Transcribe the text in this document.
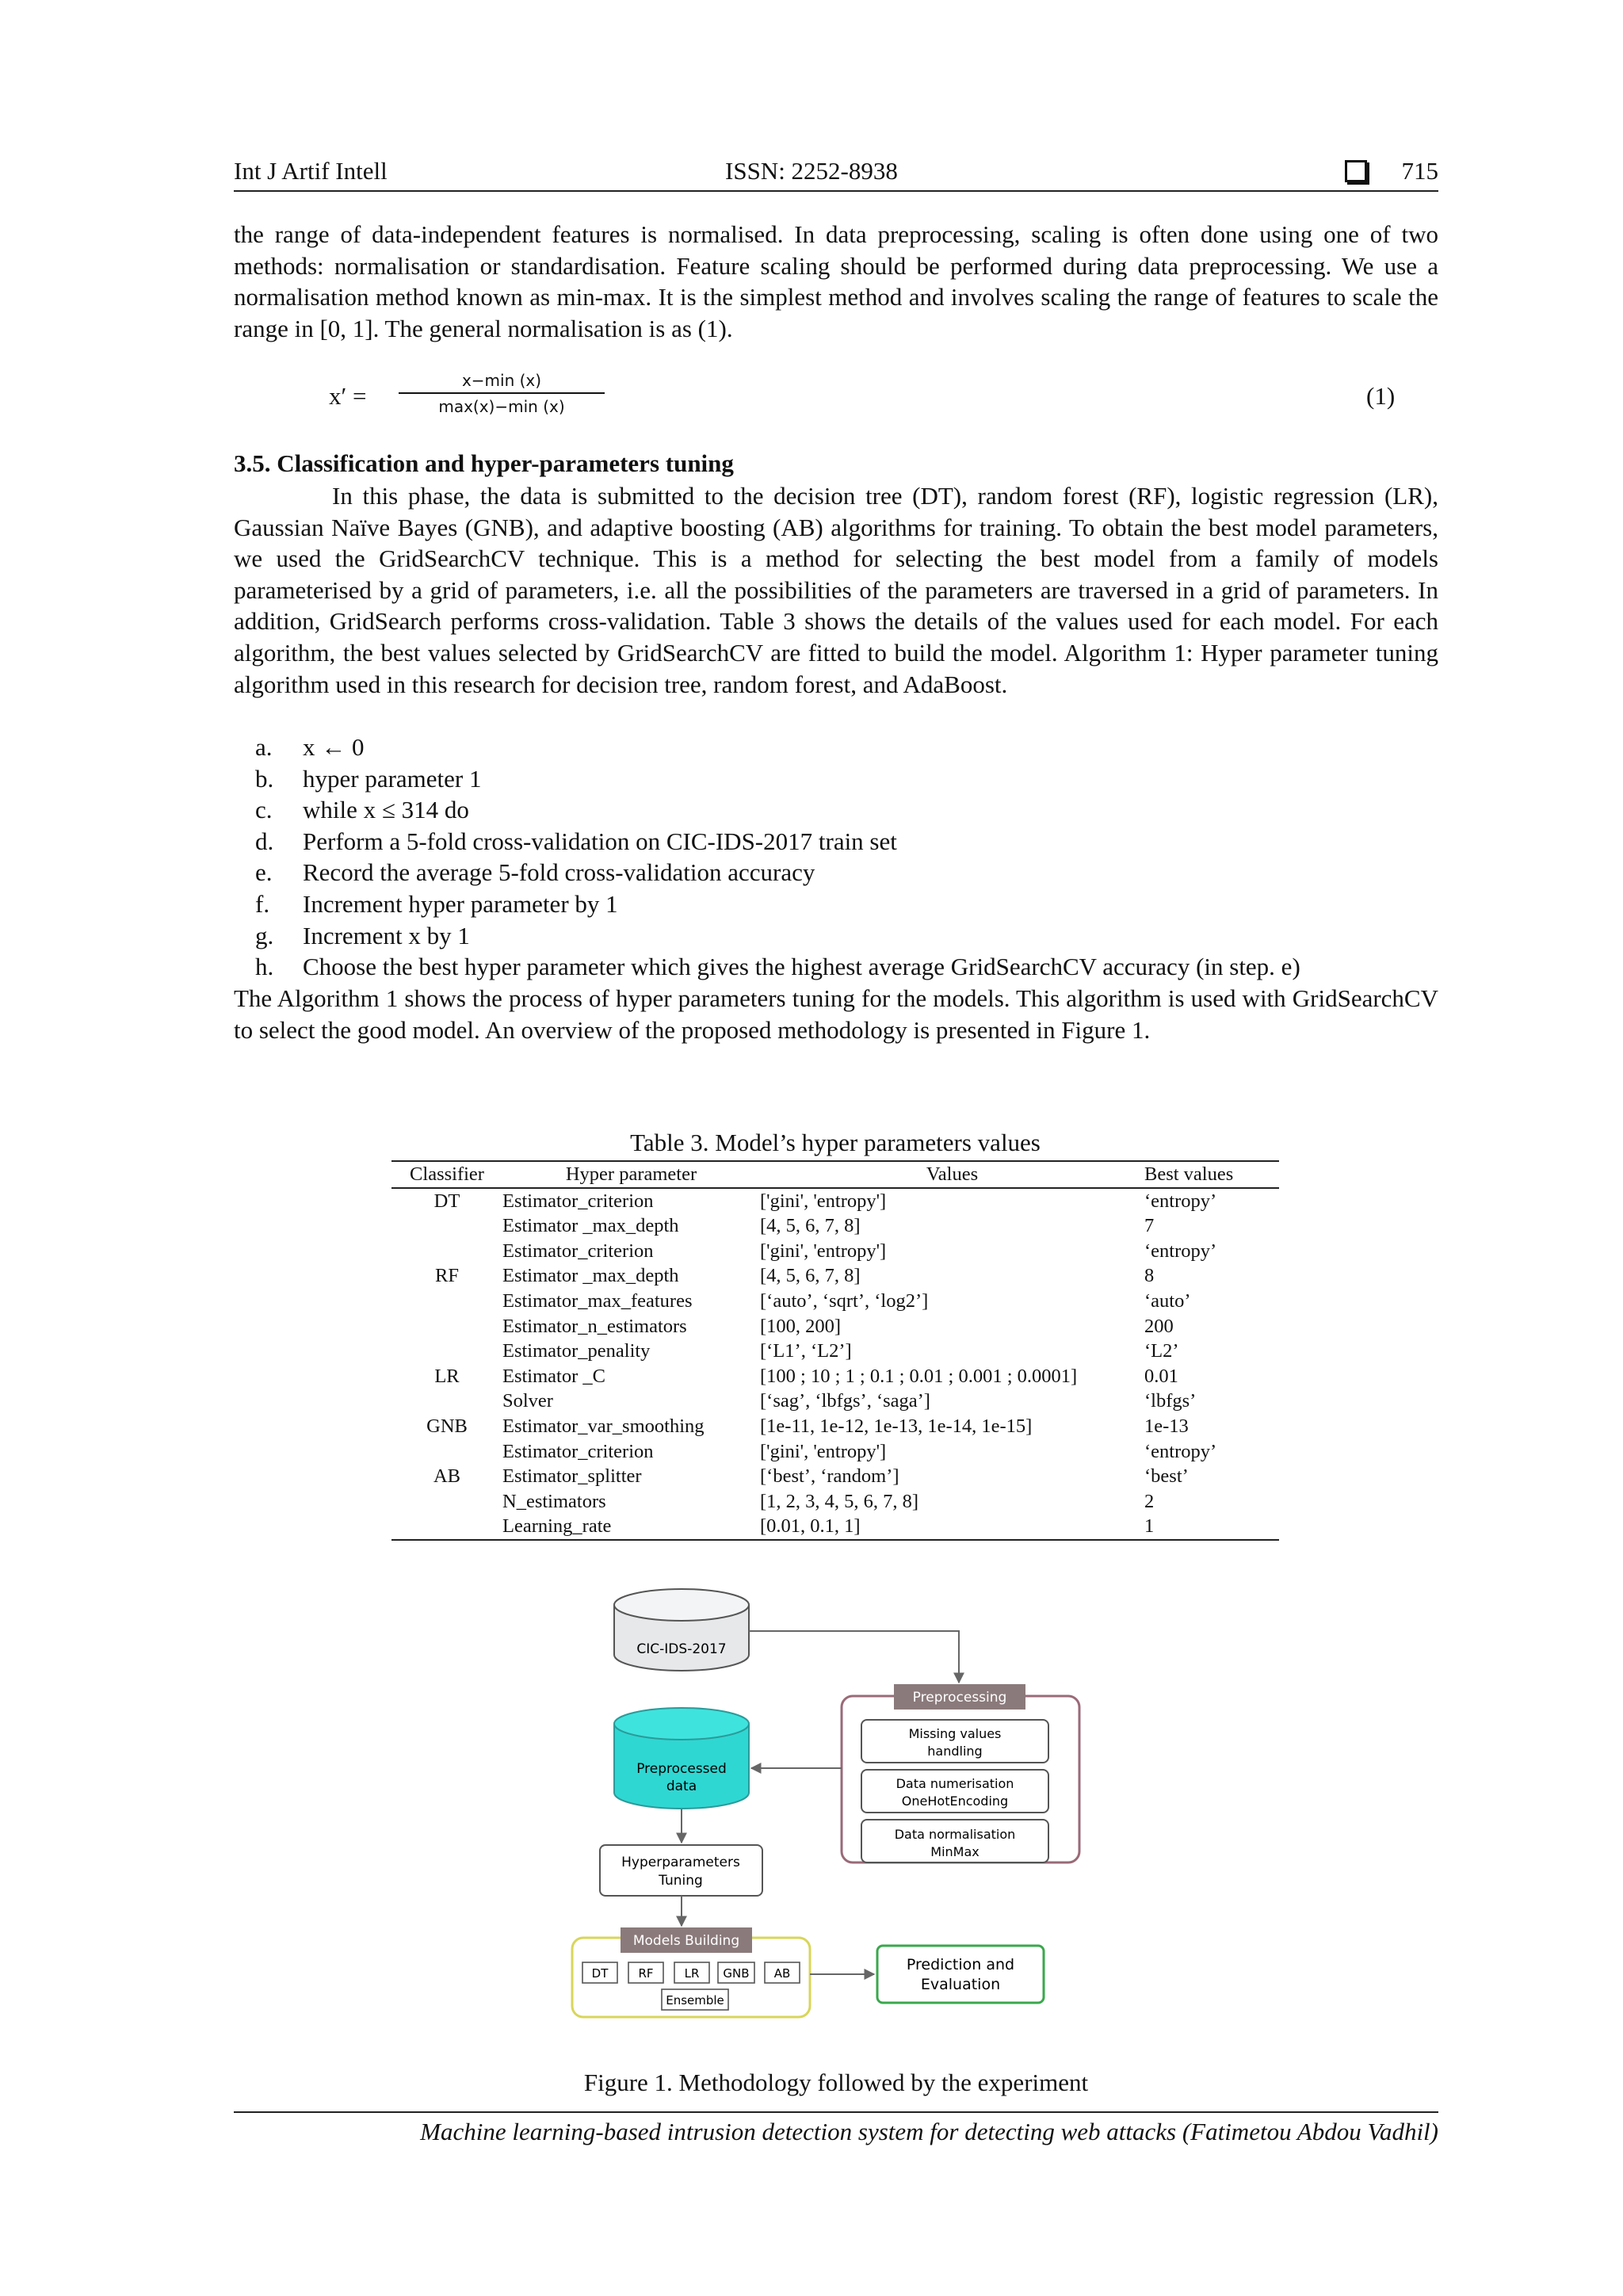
Int J Artif Intell	ISSN: 2252-8938	715

the range of data-independent features is normalised. In data preprocessing, scaling is often done using one of two methods: normalisation or standardisation. Feature scaling should be performed during data preprocessing. We use a normalisation method known as min-max. It is the simplest method and involves scaling the range of features to scale the range in [0, 1]. The general normalisation is as (1).

x′ =
x−min (x)
max(x)−min (x)	(1)
3.5. Classification and hyper-parameters tuning

In this phase, the data is submitted to the decision tree (DT), random forest (RF), logistic regression (LR), Gaussian Naïve Bayes (GNB), and adaptive boosting (AB) algorithms for training. To obtain the best model parameters, we used the GridSearchCV technique. This is a method for selecting the best model from a family of models parameterised by a grid of parameters, i.e. all the possibilities of the parameters are traversed in a grid of parameters. In addition, GridSearch performs cross-validation. Table 3 shows the details of the values used for each model. For each algorithm, the best values selected by GridSearchCV are fitted to build the model. Algorithm 1: Hyper parameter tuning algorithm used in this research for decision tree, random forest, and AdaBoost.

a. x ← 0
b. hyper parameter 1
c. while x ≤ 314 do
d. Perform a 5-fold cross-validation on CIC-IDS-2017 train set
e. Record the average 5-fold cross-validation accuracy
f. Increment hyper parameter by 1
g. Increment x by 1
h. Choose the best hyper parameter which gives the highest average GridSearchCV accuracy (in step. e)

The Algorithm 1 shows the process of hyper parameters tuning for the models. This algorithm is used with GridSearchCV to select the good model. An overview of the proposed methodology is presented in Figure 1.

Table 3. Model’s hyper parameters values
Classifier	Hyper parameter	Values	Best values
DT	Estimator_criterion	['gini', 'entropy']	‘entropy’
	Estimator _max_depth	[4, 5, 6, 7, 8]	7
	Estimator_criterion	['gini', 'entropy']	‘entropy’
RF	Estimator _max_depth	[4, 5, 6, 7, 8]	8
	Estimator_max_features	[‘auto’, ‘sqrt’, ‘log2’]	‘auto’
	Estimator_n_estimators	[100, 200]	200
	Estimator_penality	[‘L1’, ‘L2’]	‘L2’
LR	Estimator _C	[100 ; 10 ; 1 ; 0.1 ; 0.01 ; 0.001 ; 0.0001]	0.01
	Solver	[‘sag’, ‘lbfgs’, ‘saga’]	‘lbfgs’
GNB	Estimator_var_smoothing	[1e-11, 1e-12, 1e-13, 1e-14, 1e-15]	1e-13
	Estimator_criterion	['gini', 'entropy']	‘entropy’
AB	Estimator_splitter	[‘best’, ‘random’]	‘best’
	N_estimators	[1, 2, 3, 4, 5, 6, 7, 8]	2
	Learning_rate	[0.01, 0.1, 1]	1
CIC-IDS-2017
Preprocessing
Missing values
handling
Data numerisation
OneHotEncoding
Data normalisation
MinMax
Preprocessed
data
Hyperparameters
Tuning
Models Building
DT	RF	LR GNB AB
Ensemble
Prediction and
Evaluation
Figure 1. Methodology followed by the experiment
Machine learning-based intrusion detection system for detecting web attacks (Fatimetou Abdou Vadhil)
